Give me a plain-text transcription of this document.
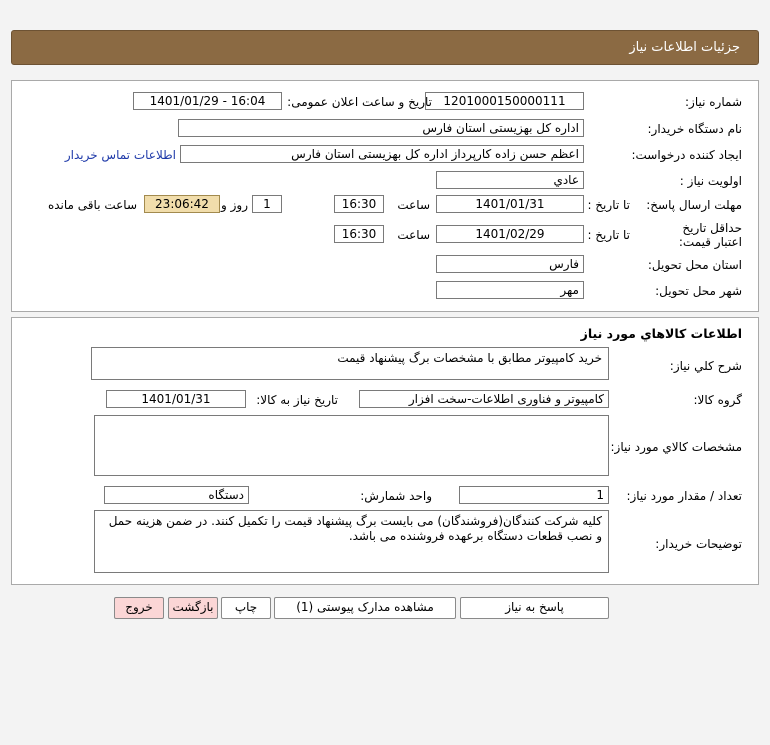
جزئیات اطلاعات نیاز
شماره نیاز:
1201000150000111
تاریخ و ساعت اعلان عمومی:
1401/01/29 - 16:04
نام دستگاه خریدار:
اداره کل بهزیستی استان فارس
ایجاد کننده درخواست:
اعظم حسن زاده کارپرداز اداره کل بهزیستی استان فارس
اطلاعات تماس خریدار
اولویت نیاز :
عادي
مهلت ارسال پاسخ:
تا تاریخ :
1401/01/31
ساعت
16:30
1
روز و
23:06:42
ساعت باقی مانده
حداقل تاریخ اعتبار قیمت:
تا تاریخ :
1401/02/29
ساعت
16:30
استان محل تحویل:
فارس
شهر محل تحویل:
مهر
اطلاعات کالاهاي مورد نياز
شرح کلي نياز:
خرید کامپیوتر مطابق با مشخصات برگ پیشنهاد قیمت
گروه کالا:
کامپیوتر و فناوری اطلاعات-سخت افزار
تاریخ نیاز به کالا:
1401/01/31
مشخصات کالاي مورد نياز:
تعداد / مقدار مورد نیاز:
1
واحد شمارش:
دستگاه
توضیحات خریدار:
کلیه شرکت کنندگان(فروشندگان) می بایست برگ پیشنهاد قیمت را تکمیل کنند. در ضمن هزینه حمل و نصب قطعات دستگاه برعهده فروشنده می باشد.
پاسخ به نیاز
مشاهده مدارک پیوستی (1)
چاپ
بازگشت
خروج
